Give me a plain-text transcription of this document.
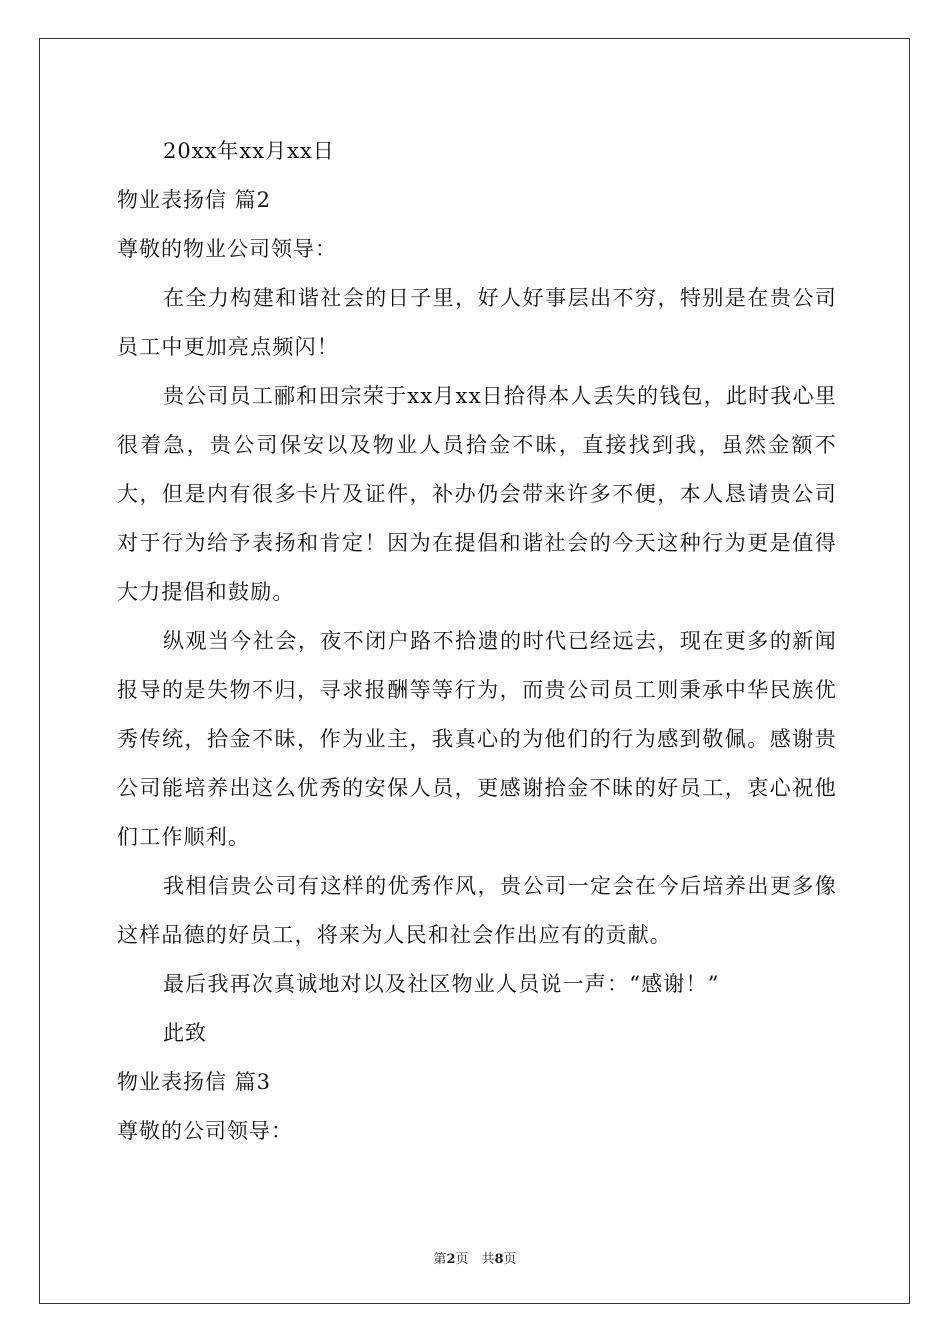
20xx年xx月xx日
物业表扬信 篇2
尊敬的物业公司领导：

在全力构建和谐社会的日子里，好人好事层出不穷，特别是在贵公司员工中更加亮点频闪！

贵公司员工郦和田宗荣于xx月xx日拾得本人丢失的钱包，此时我心里很着急，贵公司保安以及物业人员拾金不昧，直接找到我，虽然金额不大，但是内有很多卡片及证件，补办仍会带来许多不便，本人恳请贵公司对于行为给予表扬和肯定！因为在提倡和谐社会的今天这种行为更是值得大力提倡和鼓励。

纵观当今社会，夜不闭户路不拾遗的时代已经远去，现在更多的新闻报导的是失物不归，寻求报酬等等行为，而贵公司员工则秉承中华民族优秀传统，拾金不昧，作为业主，我真心的为他们的行为感到敬佩。感谢贵公司能培养出这么优秀的安保人员，更感谢拾金不昧的好员工，衷心祝他们工作顺利。

我相信贵公司有这样的优秀作风，贵公司一定会在今后培养出更多像这样品德的好员工，将来为人民和社会作出应有的贡献。

最后我再次真诚地对以及社区物业人员说一声：“感谢！”

此致
物业表扬信 篇3
尊敬的公司领导：
第2页　共8页
